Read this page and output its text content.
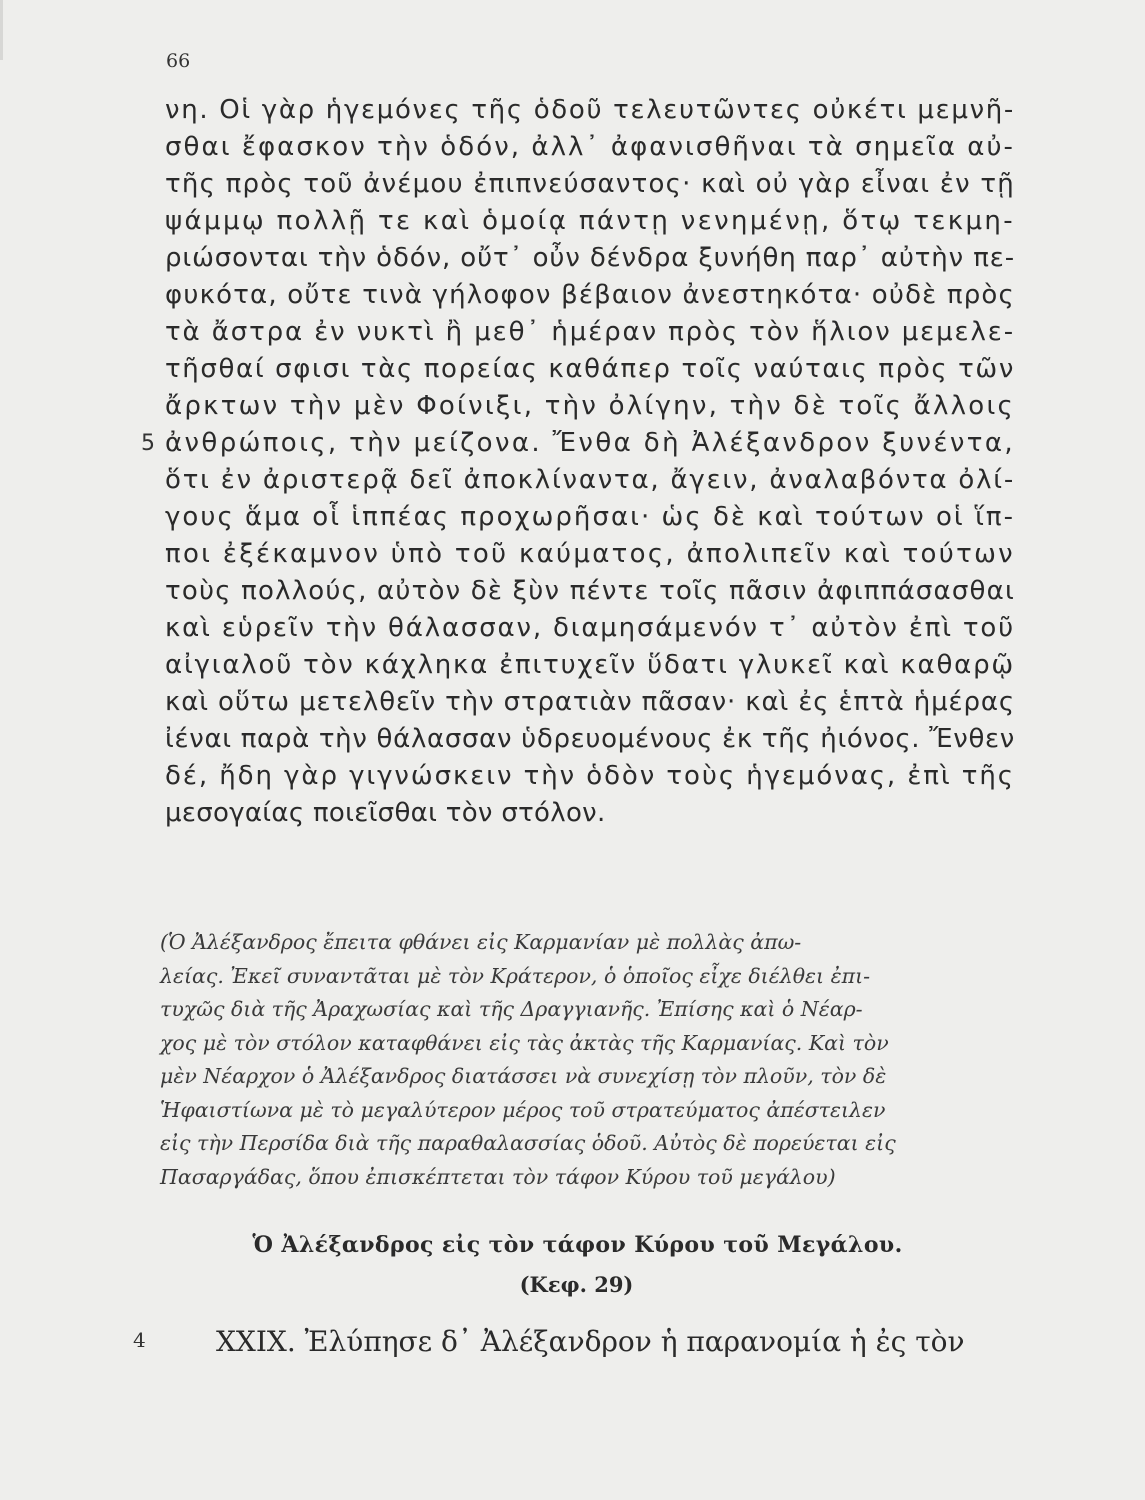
66
νη. Οἱ γὰρ ἡγεμόνες τῆς ὁδοῦ τελευτῶντες οὐκέτι μεμνῆ-
σθαι ἔφασκον τὴν ὁδόν, ἀλλ᾽ ἀφανισθῆναι τὰ σημεῖα αὐ-
τῆς πρὸς τοῦ ἀνέμου ἐπιπνεύσαντος· καὶ οὐ γὰρ εἶναι ἐν τῇ
ψάμμῳ πολλῇ τε καὶ ὁμοίᾳ πάντῃ νενημένῃ, ὅτῳ τεκμη-
ριώσονται τὴν ὁδόν, οὔτ᾽ οὖν δένδρα ξυνήθη παρ᾽ αὐτὴν πε-
φυκότα, οὔτε τινὰ γήλοφον βέβαιον ἀνεστηκότα· οὐδὲ πρὸς
τὰ ἄστρα ἐν νυκτὶ ἢ μεθ᾽ ἡμέραν πρὸς τὸν ἥλιον μεμελε-
τῆσθαί σφισι τὰς πορείας καθάπερ τοῖς ναύταις πρὸς τῶν
ἄρκτων τὴν μὲν Φοίνιξι, τὴν ὀλίγην, τὴν δὲ τοῖς ἄλλοις
5 ἀνθρώποις, τὴν μείζονα. Ἔνθα δὴ Ἀλέξανδρον ξυνέντα,
ὅτι ἐν ἀριστερᾷ δεῖ ἀποκλίναντα, ἄγειν, ἀναλαβόντα ὀλί-
γους ἅμα οἷ ἱππέας προχωρῆσαι· ὡς δὲ καὶ τούτων οἱ ἵπ-
ποι ἐξέκαμνον ὑπὸ τοῦ καύματος, ἀπολιπεῖν καὶ τούτων
τοὺς πολλούς, αὐτὸν δὲ ξὺν πέντε τοῖς πᾶσιν ἀφιππάσασθαι
καὶ εὑρεῖν τὴν θάλασσαν, διαμησάμενόν τ᾽ αὐτὸν ἐπὶ τοῦ
αἰγιαλοῦ τὸν κάχληκα ἐπιτυχεῖν ὕδατι γλυκεῖ καὶ καθαρῷ
καὶ οὕτω μετελθεῖν τὴν στρατιὰν πᾶσαν· καὶ ἐς ἑπτὰ ἡμέρας
ἰέναι παρὰ τὴν θάλασσαν ὑδρευομένους ἐκ τῆς ἠιόνος. Ἔνθεν
δέ, ἤδη γὰρ γιγνώσκειν τὴν ὁδὸν τοὺς ἡγεμόνας, ἐπὶ τῆς
μεσογαίας ποιεῖσθαι τὸν στόλον.
(Ὁ Ἀλέξανδρος ἔπειτα φθάνει εἰς Καρμανίαν μὲ πολλὰς ἀπω-
λείας. Ἐκεῖ συναντᾶται μὲ τὸν Κράτερον, ὁ ὁποῖος εἶχε διέλθει ἐπι-
τυχῶς διὰ τῆς Ἀραχωσίας καὶ τῆς Δραγγιανῆς. Ἐπίσης καὶ ὁ Νέαρ-
χος μὲ τὸν στόλον καταφθάνει εἰς τὰς ἀκτὰς τῆς Καρμανίας. Καὶ τὸν
μὲν Νέαρχον ὁ Ἀλέξανδρος διατάσσει νὰ συνεχίσῃ τὸν πλοῦν, τὸν δὲ
Ἡφαιστίωνα μὲ τὸ μεγαλύτερον μέρος τοῦ στρατεύματος ἀπέστειλεν
εἰς τὴν Περσίδα διὰ τῆς παραθαλασσίας ὁδοῦ. Αὐτὸς δὲ πορεύεται εἰς
Πασαργάδας, ὅπου ἐπισκέπτεται τὸν τάφον Κύρου τοῦ μεγάλου)
Ὁ Ἀλέξανδρος εἰς τὸν τάφον Κύρου τοῦ Μεγάλου.
(Κεφ. 29)
4	XXIX. Ἐλύπησε δ᾽ Ἀλέξανδρον ἡ παρανομία ἡ ἐς τὸν
